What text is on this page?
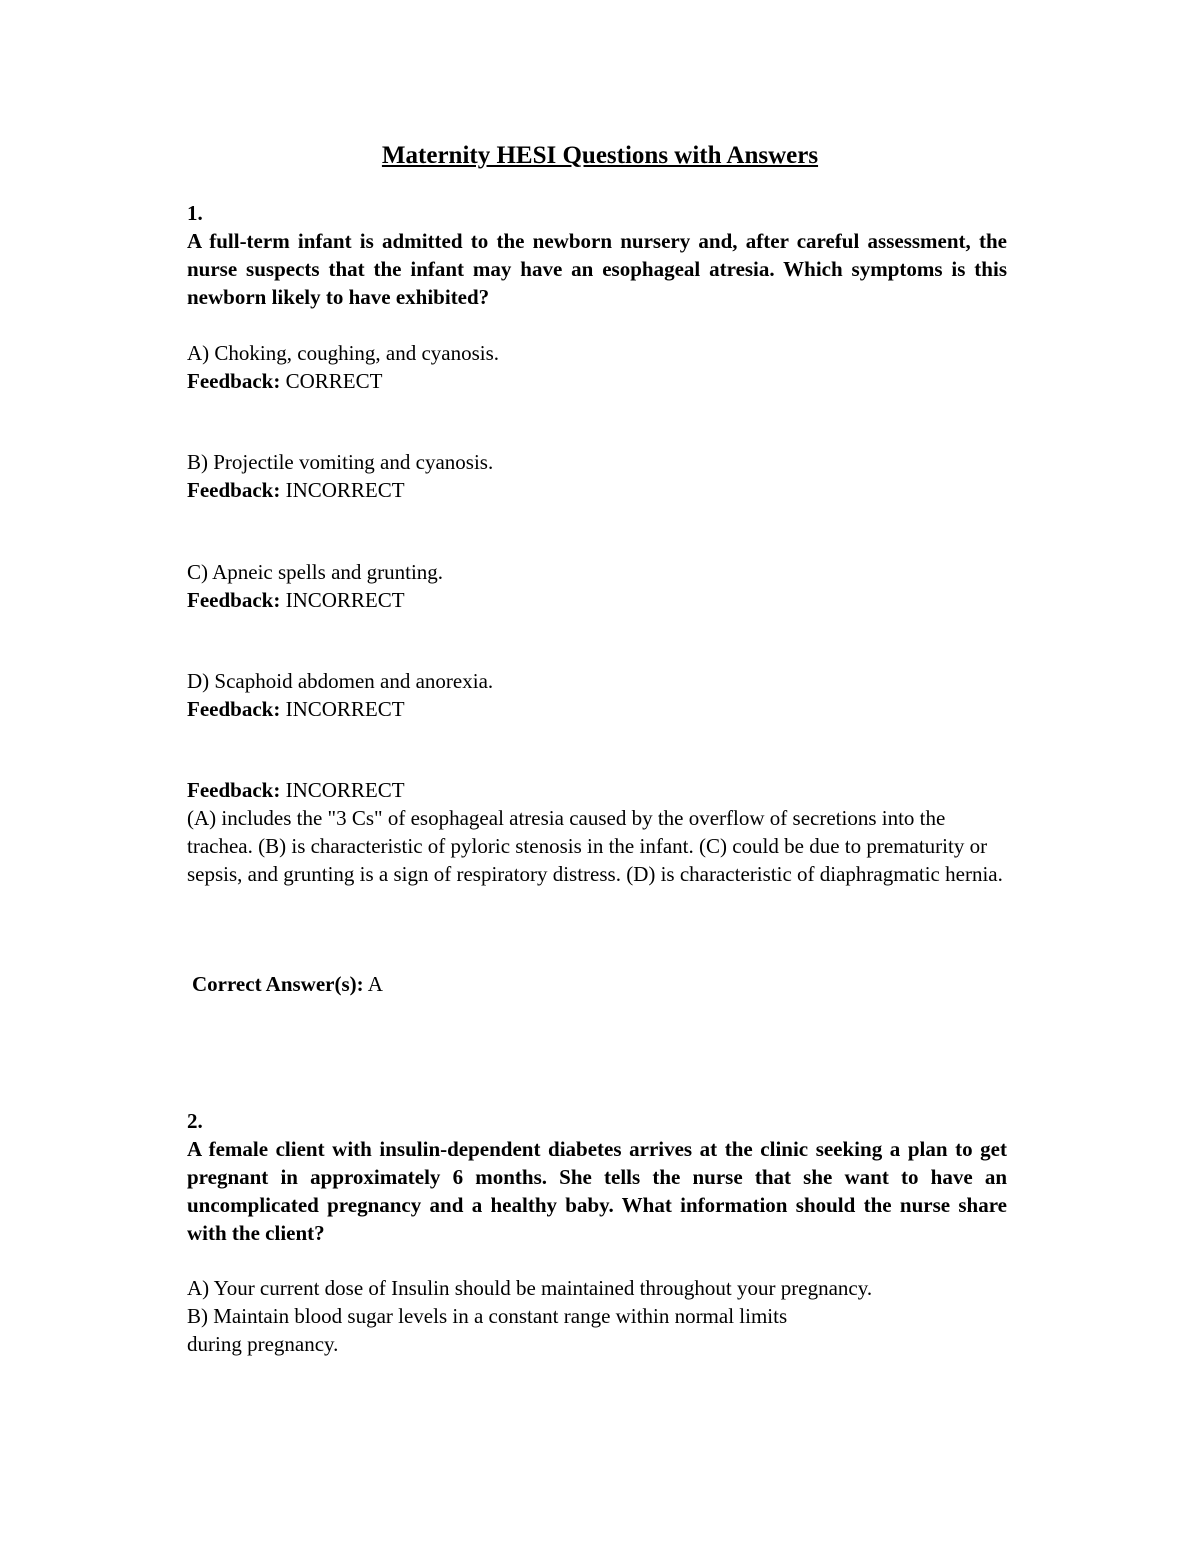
Maternity HESI Questions with Answers
1.
A full-term infant is admitted to the newborn nursery and, after careful assessment, the nurse suspects that the infant may have an esophageal atresia. Which symptoms is this newborn likely to have exhibited?

A) Choking, coughing, and cyanosis.

Feedback: CORRECT

B) Projectile vomiting and cyanosis.

Feedback: INCORRECT

C) Apneic spells and grunting.

Feedback: INCORRECT

D) Scaphoid abdomen and anorexia.

Feedback: INCORRECT

Feedback: INCORRECT

(A) includes the "3 Cs" of esophageal atresia caused by the overflow of secretions into the trachea. (B) is characteristic of pyloric stenosis in the infant. (C) could be due to prematurity or sepsis, and grunting is a sign of respiratory distress. (D) is characteristic of diaphragmatic hernia.

Correct Answer(s): A
2.
A female client with insulin-dependent diabetes arrives at the clinic seeking a plan to get pregnant in approximately 6 months. She tells the nurse that she want to have an uncomplicated pregnancy and a healthy baby. What information should the nurse share with the client?

A) Your current dose of Insulin should be maintained throughout your pregnancy.

B) Maintain blood sugar levels in a constant range within normal limits

during pregnancy.
